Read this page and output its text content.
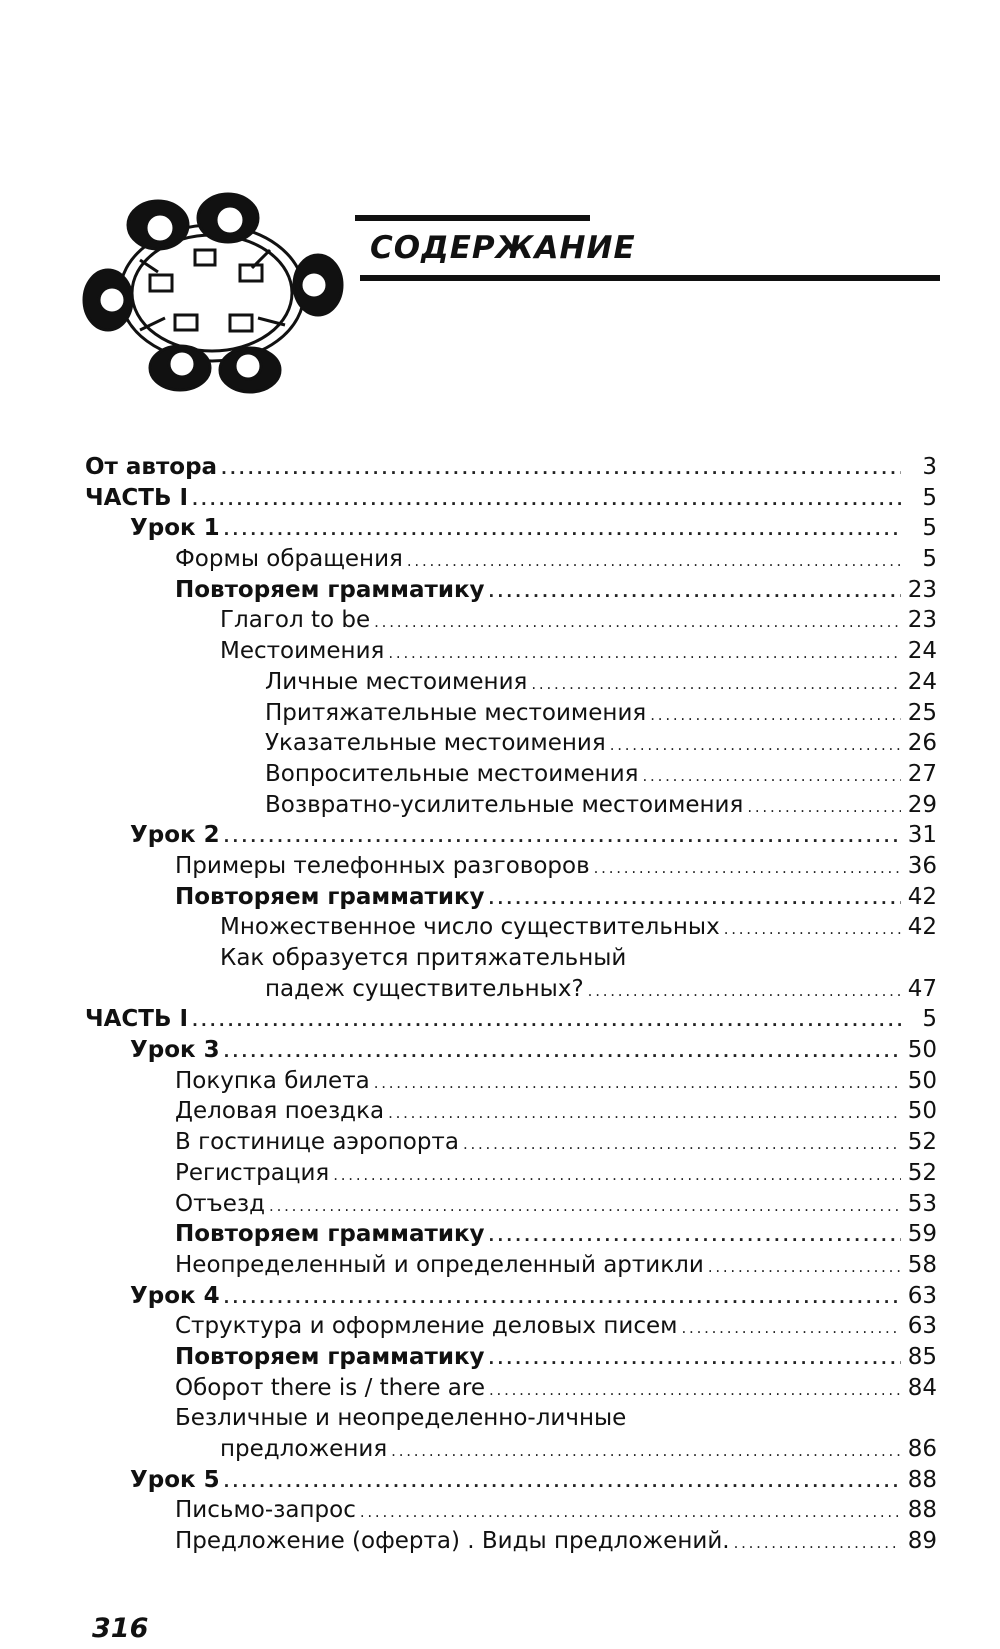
СОДЕРЖАНИЕ
От автора . . .	3
ЧАСТЬ I . . .	5
Урок 1 . . .	5
Формы обращения . . .	5
Повторяем грамматику . . .	23
Глагол to be . . .	23
Местоимения . . .	24
Личные местоимения . . .	24
Притяжательные местоимения . . .	25
Указательные местоимения . . .	26
Вопросительные местоимения . . .	27
Возвратно-усилительные местоимения . . .	29
Урок 2 . . .	31
Примеры телефонных разговоров . . .	36
Повторяем грамматику . . .	42
Множественное число существительных . . .	42
Как образуется притяжательный
падеж существительных? . . .	47
ЧАСТЬ I . . .	5
Урок 3 . . .	50
Покупка билета . . .	50
Деловая поездка . . .	50
В гостинице аэропорта . . .	52
Регистрация . . .	52
Отъезд . . .	53
Повторяем грамматику . . .	59
Неопределенный и определенный артикли . . .	58
Урок 4 . . .	63
Структура и оформление деловых писем . . .	63
Повторяем грамматику . . .	85
Оборот there is / there are . . .	84
Безличные и неопределенно-личные
предложения . . .	86
Урок 5 . . .	88
Письмо-запрос . . .	88
Предложение (оферта) . Виды предложений. . . .	89
316
